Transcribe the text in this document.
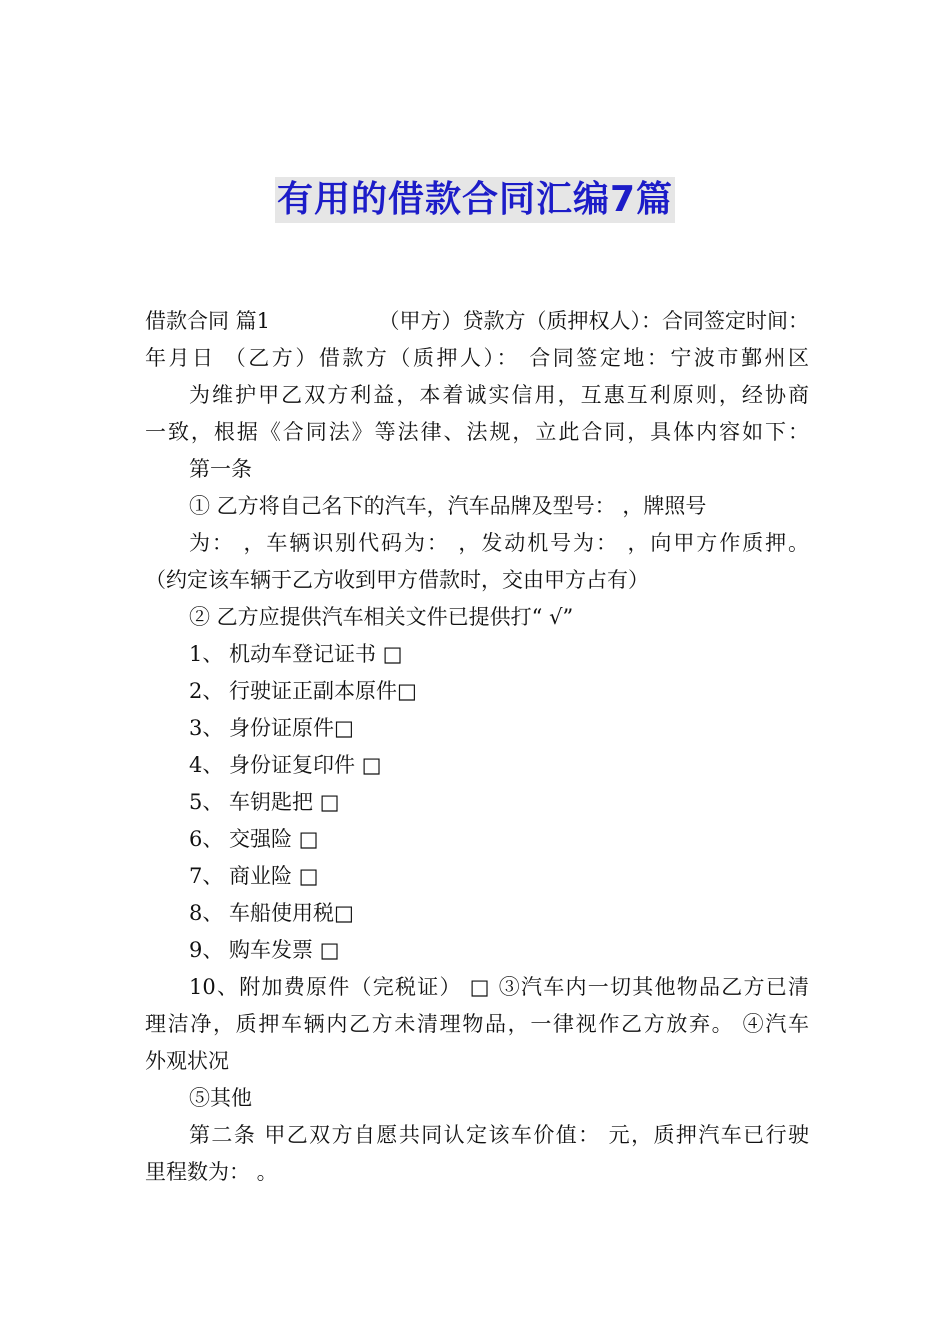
有用的借款合同汇编7篇
借款合同 篇1	（甲方）贷款方（质押权人）：合同签定时间：
年月日 （乙方）借款方（质押人）： 合同签定地：宁波市鄞州区
为维护甲乙双方利益，本着诚实信用，互惠互利原则，经协商
一致，根据《合同法》等法律、法规，立此合同，具体内容如下：
第一条
① 乙方将自己名下的汽车，汽车品牌及型号： ，牌照号
为： ，车辆识别代码为： ，发动机号为： ，向甲方作质押。
（约定该车辆于乙方收到甲方借款时，交由甲方占有）
② 乙方应提供汽车相关文件已提供打“ √”
1、 机动车登记证书 □
2、 行驶证正副本原件□
3、 身份证原件□
4、 身份证复印件 □
5、 车钥匙把 □
6、 交强险 □
7、 商业险 □
8、 车船使用税□
9、 购车发票 □
10、附加费原件（完税证） □ ③汽车内一切其他物品乙方已清
理洁净，质押车辆内乙方未清理物品，一律视作乙方放弃。 ④汽车
外观状况
⑤其他
第二条 甲乙双方自愿共同认定该车价值： 元，质押汽车已行驶
里程数为： 。
